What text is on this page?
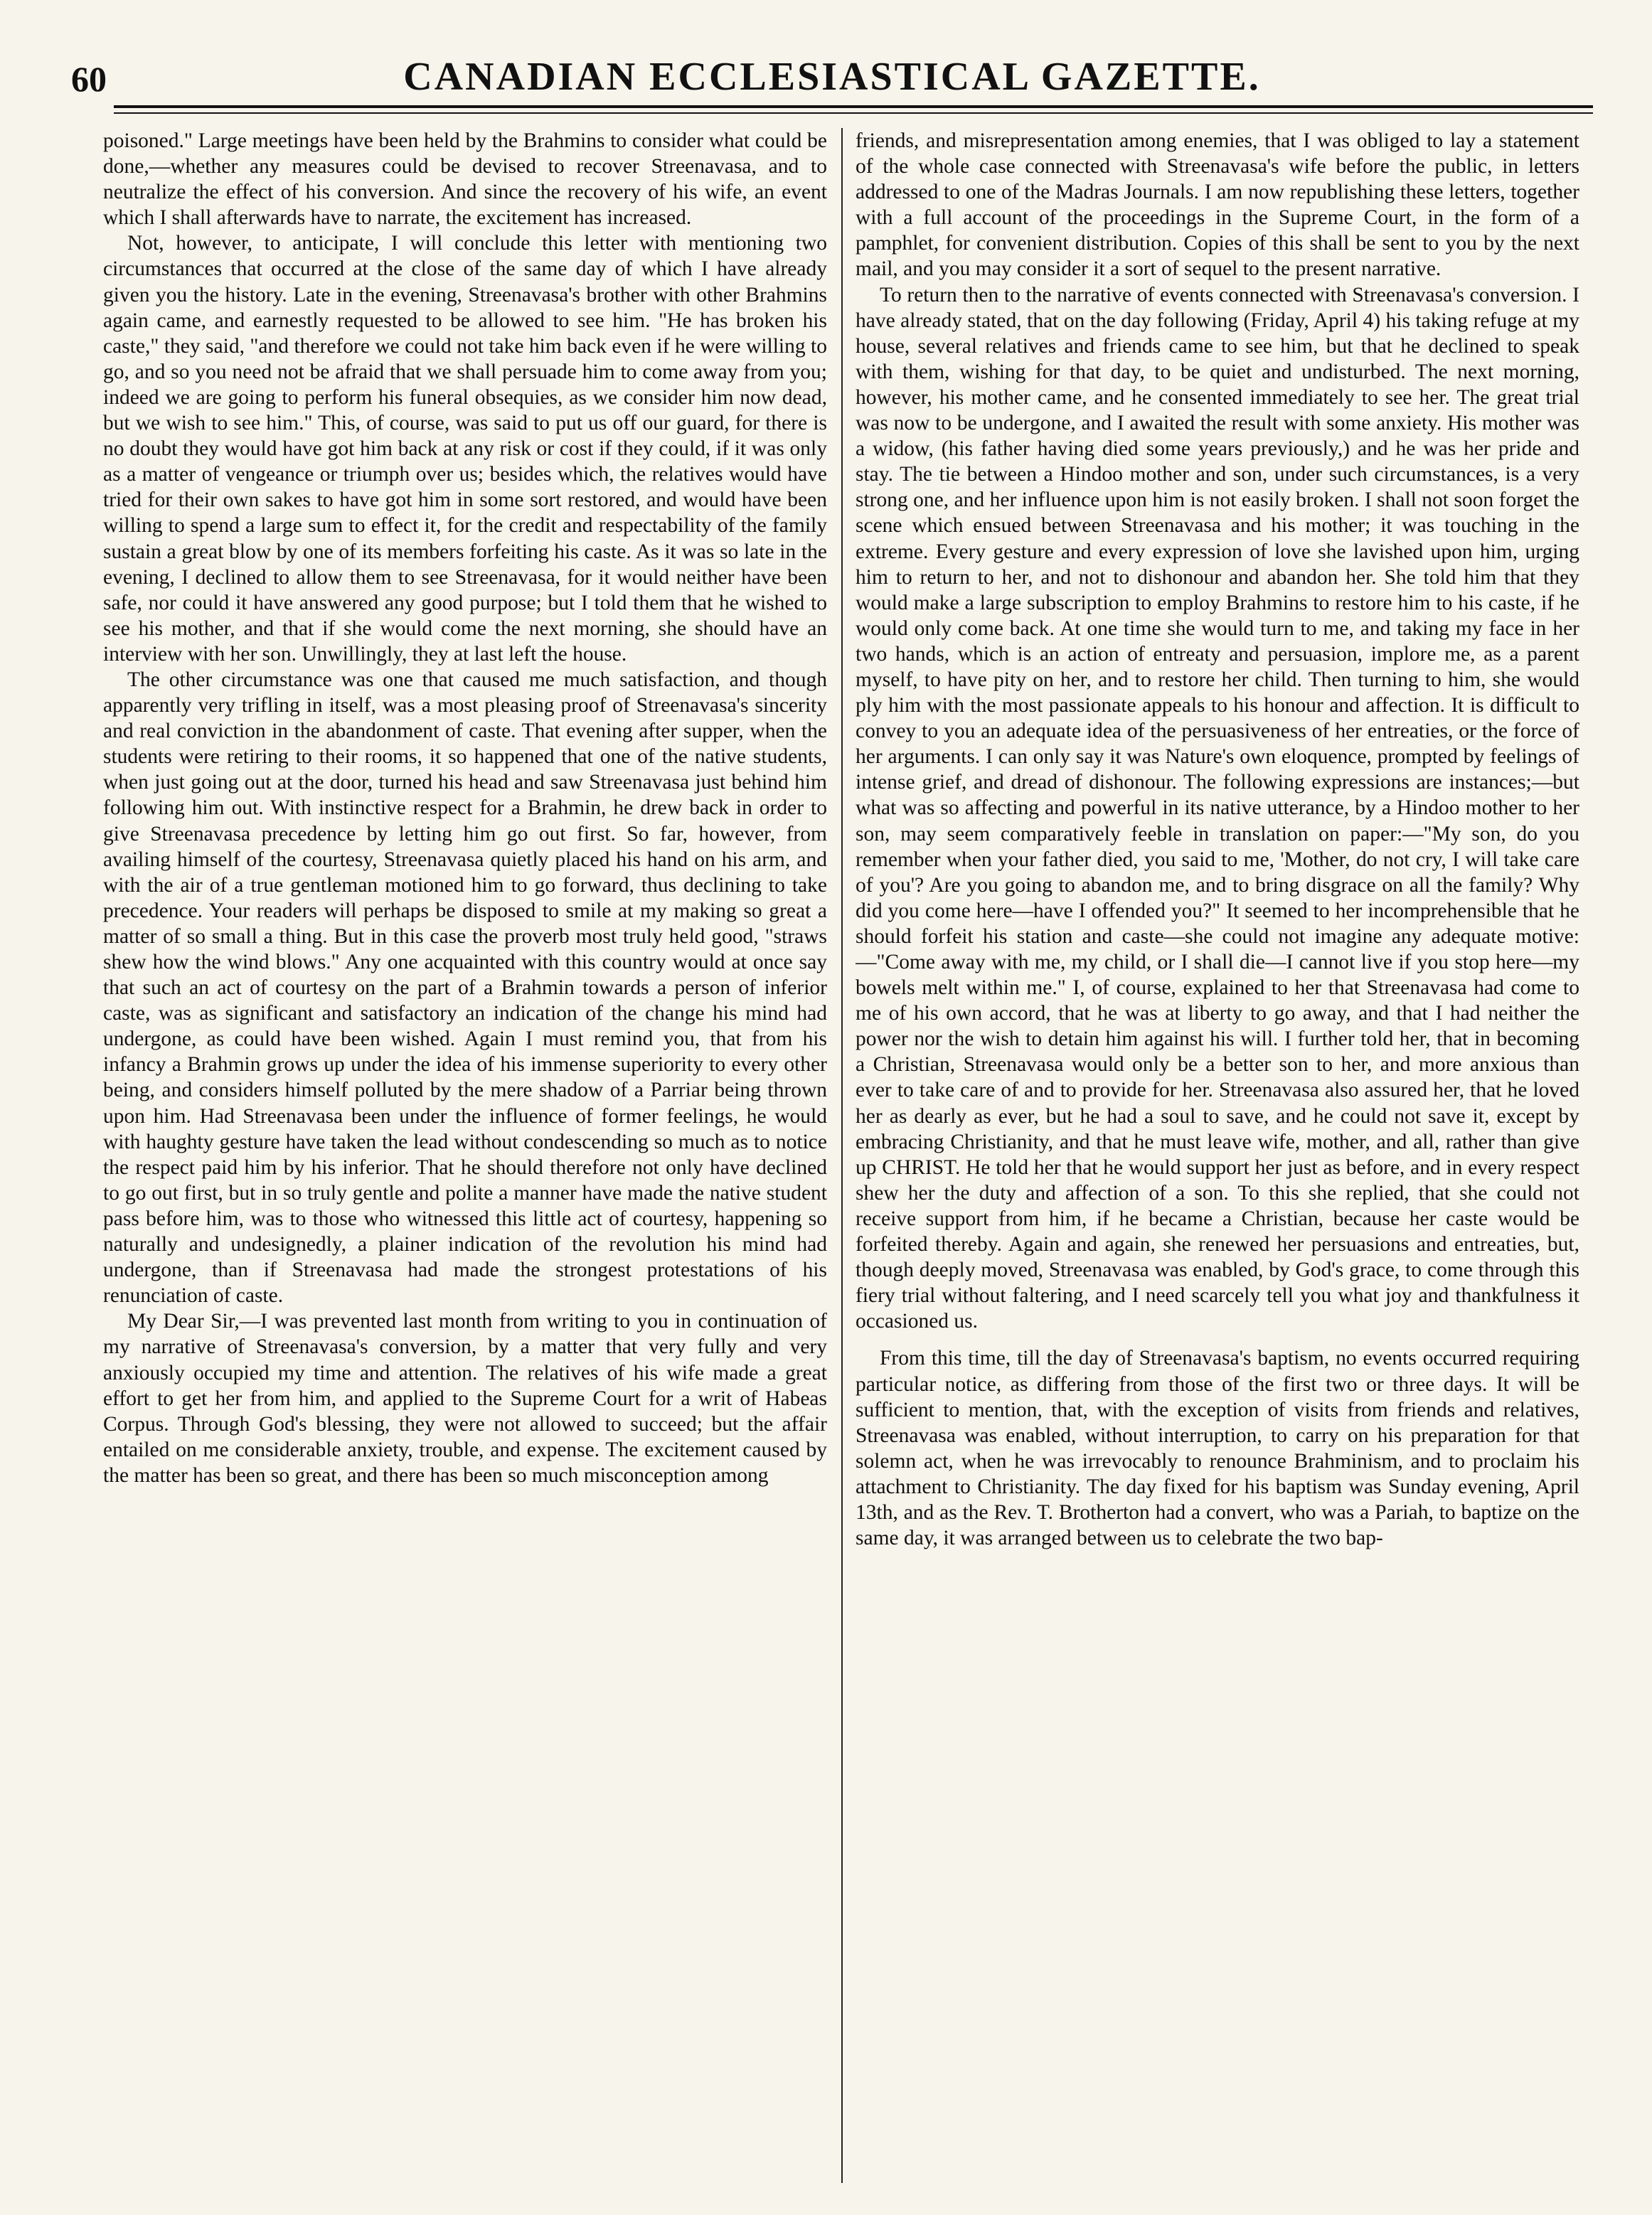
60	CANADIAN ECCLESIASTICAL GAZETTE.

poisoned." Large meetings have been held by the Brahmins to consider what could be done,—whether any measures could be devised to recover Streenavasa, and to neutralize the effect of his conversion. And since the recovery of his wife, an event which I shall afterwards have to narrate, the excitement has increased.

Not, however, to anticipate, I will conclude this letter with mentioning two circumstances that occurred at the close of the same day of which I have already given you the history. Late in the evening, Streenavasa's brother with other Brahmins again came, and earnestly requested to be allowed to see him. "He has broken his caste," they said, "and therefore we could not take him back even if he were willing to go, and so you need not be afraid that we shall persuade him to come away from you; indeed we are going to perform his funeral obsequies, as we consider him now dead, but we wish to see him." This, of course, was said to put us off our guard, for there is no doubt they would have got him back at any risk or cost if they could, if it was only as a matter of vengeance or triumph over us; besides which, the relatives would have tried for their own sakes to have got him in some sort restored, and would have been willing to spend a large sum to effect it, for the credit and respectability of the family sustain a great blow by one of its members forfeiting his caste. As it was so late in the evening, I declined to allow them to see Streenavasa, for it would neither have been safe, nor could it have answered any good purpose; but I told them that he wished to see his mother, and that if she would come the next morning, she should have an interview with her son. Unwillingly, they at last left the house.

The other circumstance was one that caused me much satisfaction, and though apparently very trifling in itself, was a most pleasing proof of Streenavasa's sincerity and real conviction in the abandonment of caste. That evening after supper, when the students were retiring to their rooms, it so happened that one of the native students, when just going out at the door, turned his head and saw Streenavasa just behind him following him out. With instinctive respect for a Brahmin, he drew back in order to give Streenavasa precedence by letting him go out first. So far, however, from availing himself of the courtesy, Streenavasa quietly placed his hand on his arm, and with the air of a true gentleman motioned him to go forward, thus declining to take precedence. Your readers will perhaps be disposed to smile at my making so great a matter of so small a thing. But in this case the proverb most truly held good, "straws shew how the wind blows." Any one acquainted with this country would at once say that such an act of courtesy on the part of a Brahmin towards a person of inferior caste, was as significant and satisfactory an indication of the change his mind had undergone, as could have been wished. Again I must remind you, that from his infancy a Brahmin grows up under the idea of his immense superiority to every other being, and considers himself polluted by the mere shadow of a Parriar being thrown upon him. Had Streenavasa been under the influence of former feelings, he would with haughty gesture have taken the lead without condescending so much as to notice the respect paid him by his inferior. That he should therefore not only have declined to go out first, but in so truly gentle and polite a manner have made the native student pass before him, was to those who witnessed this little act of courtesy, happening so naturally and undesignedly, a plainer indication of the revolution his mind had undergone, than if Streenavasa had made the strongest protestations of his renunciation of caste.

My Dear Sir,—I was prevented last month from writing to you in continuation of my narrative of Streenavasa's conversion, by a matter that very fully and very anxiously occupied my time and attention. The relatives of his wife made a great effort to get her from him, and applied to the Supreme Court for a writ of Habeas Corpus. Through God's blessing, they were not allowed to succeed; but the affair entailed on me considerable anxiety, trouble, and expense. The excitement caused by the matter has been so great, and there has been so much misconception among

friends, and misrepresentation among enemies, that I was obliged to lay a statement of the whole case connected with Streenavasa's wife before the public, in letters addressed to one of the Madras Journals. I am now republishing these letters, together with a full account of the proceedings in the Supreme Court, in the form of a pamphlet, for convenient distribution. Copies of this shall be sent to you by the next mail, and you may consider it a sort of sequel to the present narrative.

To return then to the narrative of events connected with Streenavasa's conversion. I have already stated, that on the day following (Friday, April 4) his taking refuge at my house, several relatives and friends came to see him, but that he declined to speak with them, wishing for that day, to be quiet and undisturbed. The next morning, however, his mother came, and he consented immediately to see her. The great trial was now to be undergone, and I awaited the result with some anxiety. His mother was a widow, (his father having died some years previously,) and he was her pride and stay. The tie between a Hindoo mother and son, under such circumstances, is a very strong one, and her influence upon him is not easily broken. I shall not soon forget the scene which ensued between Streenavasa and his mother; it was touching in the extreme. Every gesture and every expression of love she lavished upon him, urging him to return to her, and not to dishonour and abandon her. She told him that they would make a large subscription to employ Brahmins to restore him to his caste, if he would only come back. At one time she would turn to me, and taking my face in her two hands, which is an action of entreaty and persuasion, implore me, as a parent myself, to have pity on her, and to restore her child. Then turning to him, she would ply him with the most passionate appeals to his honour and affection. It is difficult to convey to you an adequate idea of the persuasiveness of her entreaties, or the force of her arguments. I can only say it was Nature's own eloquence, prompted by feelings of intense grief, and dread of dishonour. The following expressions are instances;—but what was so affecting and powerful in its native utterance, by a Hindoo mother to her son, may seem comparatively feeble in translation on paper:—"My son, do you remember when your father died, you said to me, 'Mother, do not cry, I will take care of you'? Are you going to abandon me, and to bring disgrace on all the family? Why did you come here—have I offended you?" It seemed to her incomprehensible that he should forfeit his station and caste—she could not imagine any adequate motive:—"Come away with me, my child, or I shall die—I cannot live if you stop here—my bowels melt within me." I, of course, explained to her that Streenavasa had come to me of his own accord, that he was at liberty to go away, and that I had neither the power nor the wish to detain him against his will. I further told her, that in becoming a Christian, Streenavasa would only be a better son to her, and more anxious than ever to take care of and to provide for her. Streenavasa also assured her, that he loved her as dearly as ever, but he had a soul to save, and he could not save it, except by embracing Christianity, and that he must leave wife, mother, and all, rather than give up CHRIST. He told her that he would support her just as before, and in every respect shew her the duty and affection of a son. To this she replied, that she could not receive support from him, if he became a Christian, because her caste would be forfeited thereby. Again and again, she renewed her persuasions and entreaties, but, though deeply moved, Streenavasa was enabled, by God's grace, to come through this fiery trial without faltering, and I need scarcely tell you what joy and thankfulness it occasioned us.

From this time, till the day of Streenavasa's baptism, no events occurred requiring particular notice, as differing from those of the first two or three days. It will be sufficient to mention, that, with the exception of visits from friends and relatives, Streenavasa was enabled, without interruption, to carry on his preparation for that solemn act, when he was irrevocably to renounce Brahminism, and to proclaim his attachment to Christianity. The day fixed for his baptism was Sunday evening, April 13th, and as the Rev. T. Brotherton had a convert, who was a Pariah, to baptize on the same day, it was arranged between us to celebrate the two bap-
